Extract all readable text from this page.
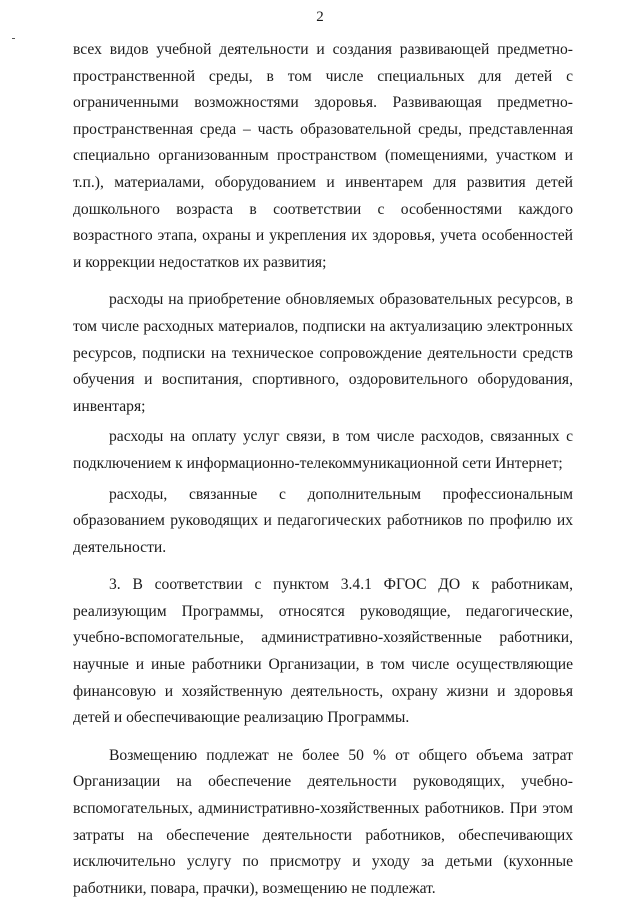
2

всех видов учебной деятельности и создания развивающей предметно-пространственной среды, в том числе специальных для детей с ограниченными возможностями здоровья. Развивающая предметно-пространственная среда – часть образовательной среды, представленная специально организованным пространством (помещениями, участком и т.п.), материалами, оборудованием и инвентарем для развития детей дошкольного возраста в соответствии с особенностями каждого возрастного этапа, охраны и укрепления их здоровья, учета особенностей и коррекции недостатков их развития;

расходы на приобретение обновляемых образовательных ресурсов, в том числе расходных материалов, подписки на актуализацию электронных ресурсов, подписки на техническое сопровождение деятельности средств обучения и воспитания, спортивного, оздоровительного оборудования, инвентаря;

расходы на оплату услуг связи, в том числе расходов, связанных с подключением к информационно-телекоммуникационной сети Интернет;

расходы, связанные с дополнительным профессиональным образованием руководящих и педагогических работников по профилю их деятельности.

3. В соответствии с пунктом 3.4.1 ФГОС ДО к работникам, реализующим Программы, относятся руководящие, педагогические, учебно-вспомогательные, административно-хозяйственные работники, научные и иные работники Организации, в том числе осуществляющие финансовую и хозяйственную деятельность, охрану жизни и здоровья детей и обеспечивающие реализацию Программы.

Возмещению подлежат не более 50 % от общего объема затрат Организации на обеспечение деятельности руководящих, учебно-вспомогательных, административно-хозяйственных работников. При этом затраты на обеспечение деятельности работников, обеспечивающих исключительно услугу по присмотру и уходу за детьми (кухонные работники, повара, прачки), возмещению не подлежат.
